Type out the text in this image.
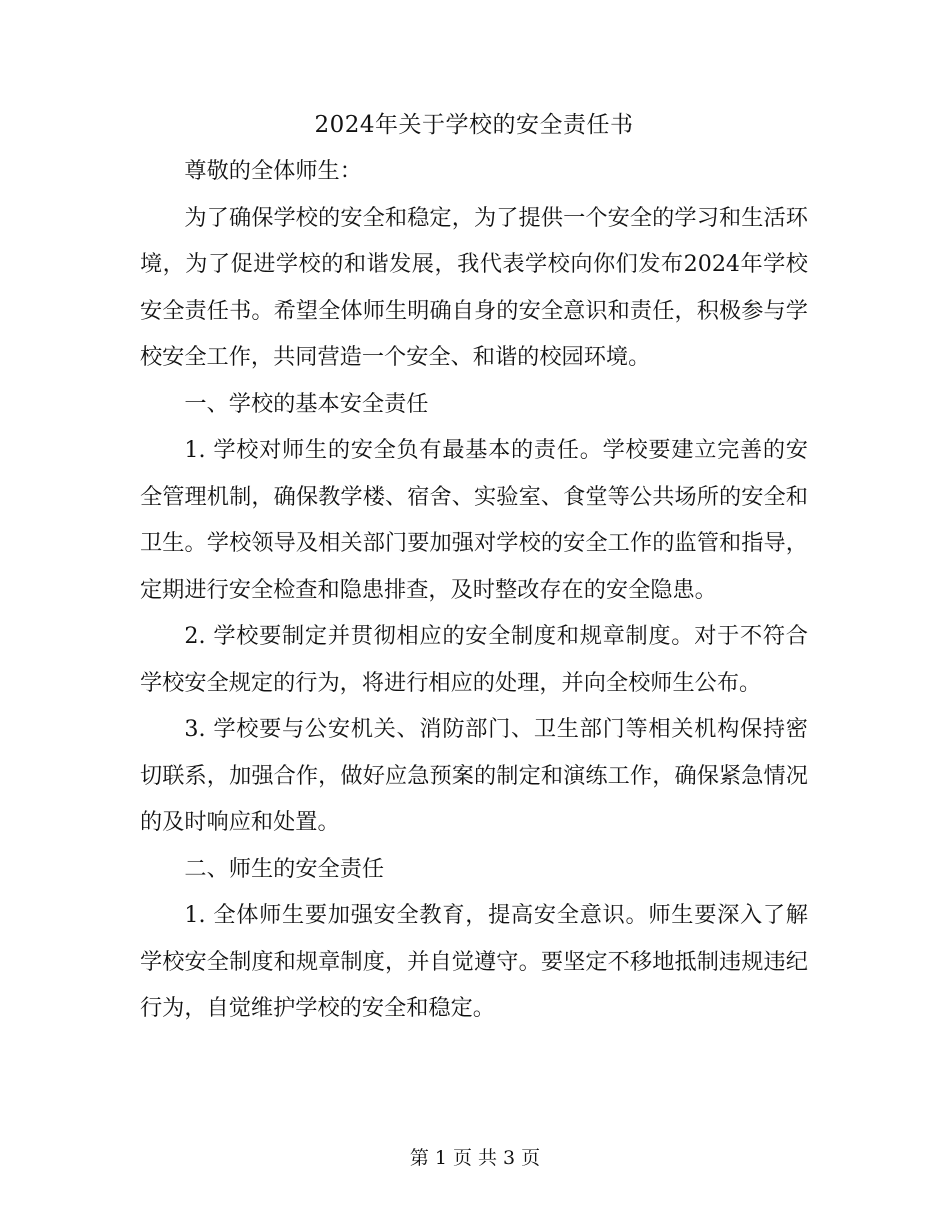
2024年关于学校的安全责任书

尊敬的全体师生：

为了确保学校的安全和稳定，为了提供一个安全的学习和生活环境，为了促进学校的和谐发展，我代表学校向你们发布2024年学校安全责任书。希望全体师生明确自身的安全意识和责任，积极参与学校安全工作，共同营造一个安全、和谐的校园环境。

一、学校的基本安全责任

1. 学校对师生的安全负有最基本的责任。学校要建立完善的安全管理机制，确保教学楼、宿舍、实验室、食堂等公共场所的安全和卫生。学校领导及相关部门要加强对学校的安全工作的监管和指导，定期进行安全检查和隐患排查，及时整改存在的安全隐患。

2. 学校要制定并贯彻相应的安全制度和规章制度。对于不符合学校安全规定的行为，将进行相应的处理，并向全校师生公布。

3. 学校要与公安机关、消防部门、卫生部门等相关机构保持密切联系，加强合作，做好应急预案的制定和演练工作，确保紧急情况的及时响应和处置。

二、师生的安全责任

1. 全体师生要加强安全教育，提高安全意识。师生要深入了解学校安全制度和规章制度，并自觉遵守。要坚定不移地抵制违规违纪行为，自觉维护学校的安全和稳定。

第 1 页 共 3 页
